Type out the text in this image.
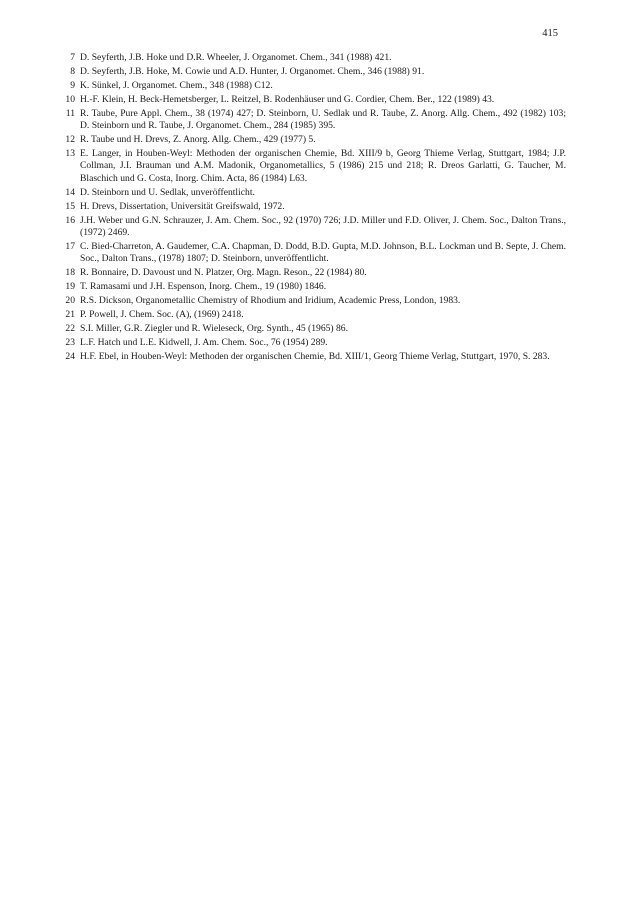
415
7 D. Seyferth, J.B. Hoke und D.R. Wheeler, J. Organomet. Chem., 341 (1988) 421.
8 D. Seyferth, J.B. Hoke, M. Cowie und A.D. Hunter, J. Organomet. Chem., 346 (1988) 91.
9 K. Sünkel, J. Organomet. Chem., 348 (1988) C12.
10 H.-F. Klein, H. Beck-Hemetsberger, L. Reitzel, B. Rodenhäuser und G. Cordier, Chem. Ber., 122 (1989) 43.
11 R. Taube, Pure Appl. Chem., 38 (1974) 427; D. Steinborn, U. Sedlak und R. Taube, Z. Anorg. Allg. Chem., 492 (1982) 103; D. Steinborn und R. Taube, J. Organomet. Chem., 284 (1985) 395.
12 R. Taube und H. Drevs, Z. Anorg. Allg. Chem., 429 (1977) 5.
13 E. Langer, in Houben-Weyl: Methoden der organischen Chemie, Bd. XIII/9 b, Georg Thieme Verlag, Stuttgart, 1984; J.P. Collman, J.I. Brauman und A.M. Madonik, Organometallics, 5 (1986) 215 und 218; R. Dreos Garlatti, G. Taucher, M. Blaschich und G. Costa, Inorg. Chim. Acta, 86 (1984) L63.
14 D. Steinborn und U. Sedlak, unveröffentlicht.
15 H. Drevs, Dissertation, Universität Greifswald, 1972.
16 J.H. Weber und G.N. Schrauzer, J. Am. Chem. Soc., 92 (1970) 726; J.D. Miller und F.D. Oliver, J. Chem. Soc., Dalton Trans., (1972) 2469.
17 C. Bied-Charreton, A. Gaudemer, C.A. Chapman, D. Dodd, B.D. Gupta, M.D. Johnson, B.L. Lockman und B. Septe, J. Chem. Soc., Dalton Trans., (1978) 1807; D. Steinborn, unveröffentlicht.
18 R. Bonnaire, D. Davoust und N. Platzer, Org. Magn. Reson., 22 (1984) 80.
19 T. Ramasami und J.H. Espenson, Inorg. Chem., 19 (1980) 1846.
20 R.S. Dickson, Organometallic Chemistry of Rhodium and Iridium, Academic Press, London, 1983.
21 P. Powell, J. Chem. Soc. (A), (1969) 2418.
22 S.I. Miller, G.R. Ziegler und R. Wieleseck, Org. Synth., 45 (1965) 86.
23 L.F. Hatch und L.E. Kidwell, J. Am. Chem. Soc., 76 (1954) 289.
24 H.F. Ebel, in Houben-Weyl: Methoden der organischen Chemie, Bd. XIII/1, Georg Thieme Verlag, Stuttgart, 1970, S. 283.
